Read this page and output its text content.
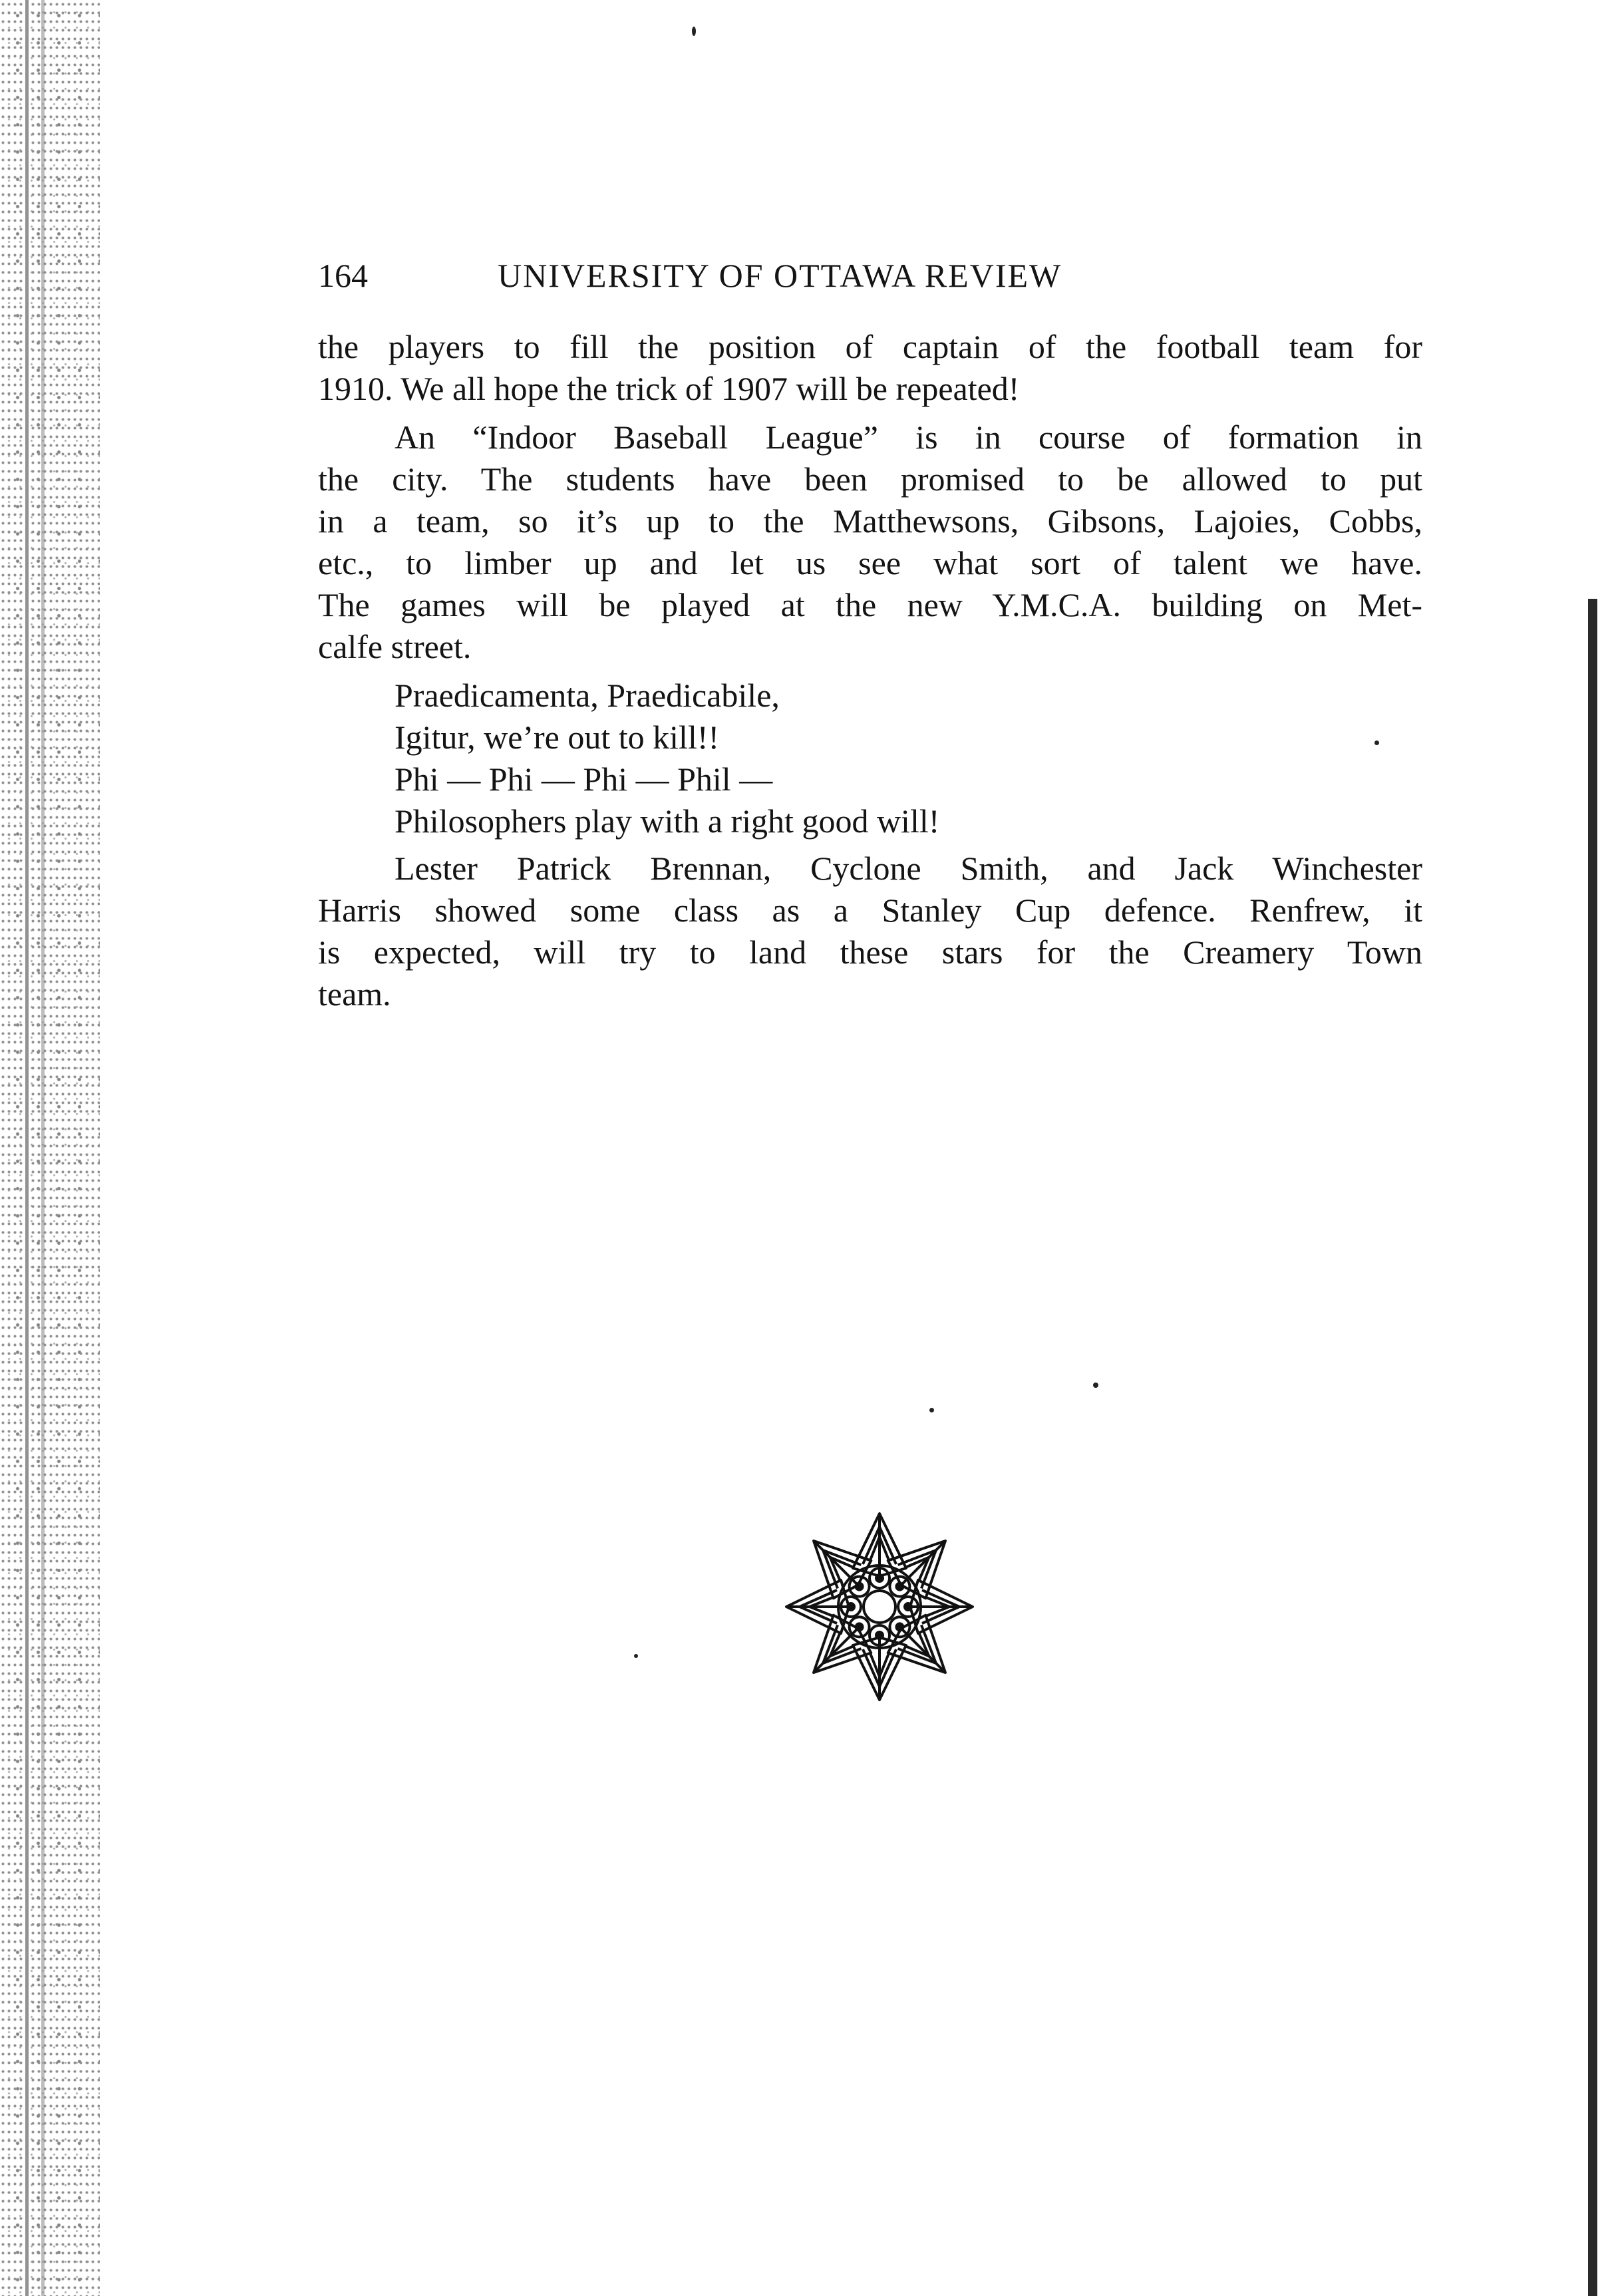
164	UNIVERSITY OF OTTAWA REVIEW
the players to fill the position of captain of the football team for
1910. We all hope the trick of 1907 will be repeated!
An “Indoor Baseball League” is in course of formation in
the city. The students have been promised to be allowed to put
in a team, so it’s up to the Matthewsons, Gibsons, Lajoies, Cobbs,
etc., to limber up and let us see what sort of talent we have.
The games will be played at the new Y.M.C.A. building on Met-
calfe street.
Praedicamenta, Praedicabile,
Igitur, we’re out to kill!!
Phi — Phi — Phi — Phil —
Philosophers play with a right good will!
Lester Patrick Brennan, Cyclone Smith, and Jack Winchester
Harris showed some class as a Stanley Cup defence. Renfrew, it
is expected, will try to land these stars for the Creamery Town
team.
